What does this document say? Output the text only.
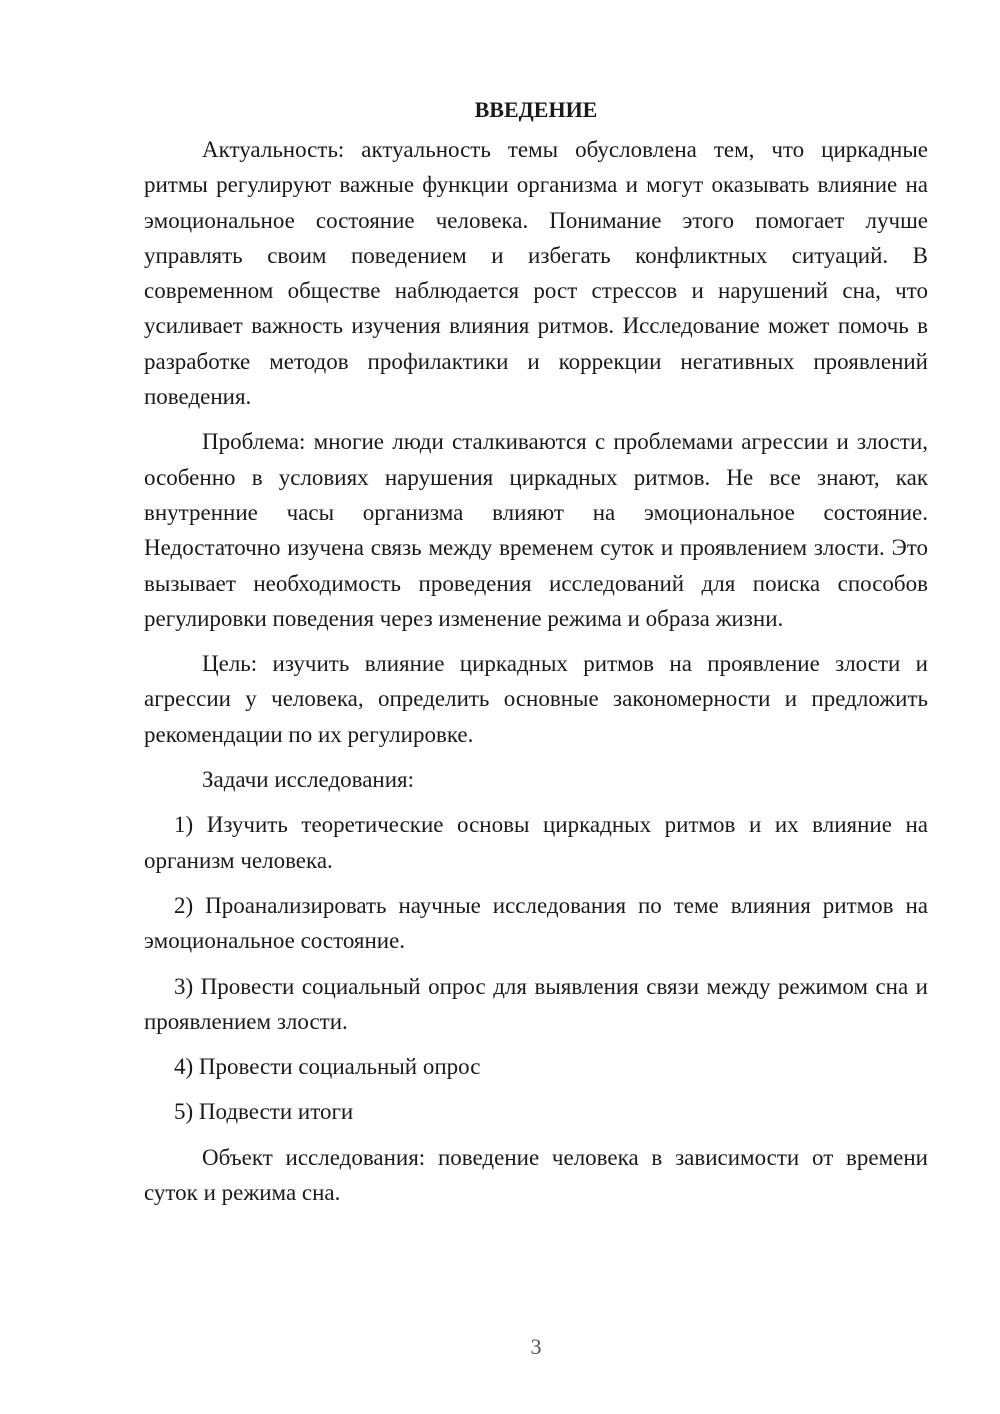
ВВЕДЕНИЕ

Актуальность: актуальность темы обусловлена тем, что циркадные ритмы регулируют важные функции организма и могут оказывать влияние на эмоциональное состояние человека. Понимание этого помогает лучше управлять своим поведением и избегать конфликтных ситуаций. В современном обществе наблюдается рост стрессов и нарушений сна, что усиливает важность изучения влияния ритмов. Исследование может помочь в разработке методов профилактики и коррекции негативных проявлений поведения.

Проблема: многие люди сталкиваются с проблемами агрессии и злости, особенно в условиях нарушения циркадных ритмов. Не все знают, как внутренние часы организма влияют на эмоциональное состояние. Недостаточно изучена связь между временем суток и проявлением злости. Это вызывает необходимость проведения исследований для поиска способов регулировки поведения через изменение режима и образа жизни.

Цель: изучить влияние циркадных ритмов на проявление злости и агрессии у человека, определить основные закономерности и предложить рекомендации по их регулировке.

Задачи исследования:

1) Изучить теоретические основы циркадных ритмов и их влияние на организм человека.

2) Проанализировать научные исследования по теме влияния ритмов на эмоциональное состояние.

3) Провести социальный опрос для выявления связи между режимом сна и проявлением злости.

4) Провести социальный опрос

5) Подвести итоги

Объект исследования: поведение человека в зависимости от времени суток и режима сна.

3
